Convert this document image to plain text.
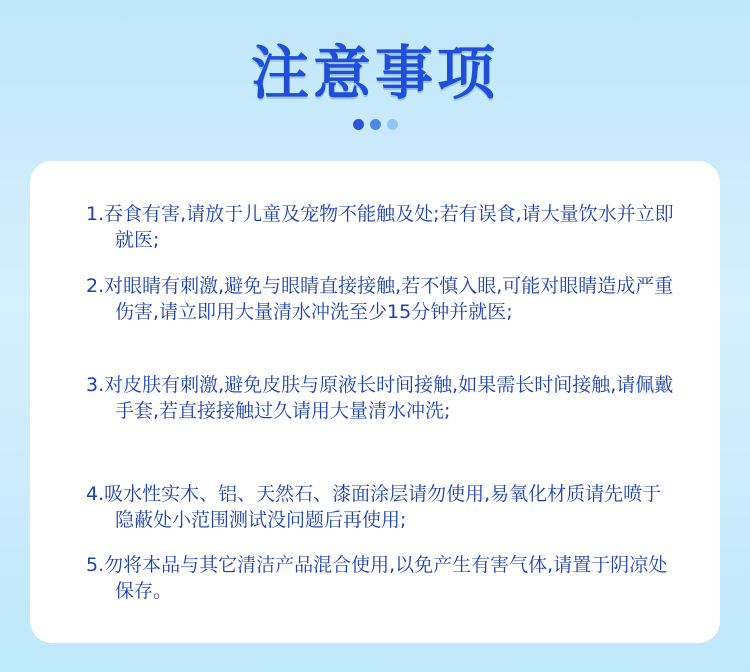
注意事项
1.吞食有害,请放于儿童及宠物不能触及处;若有误食,请大量饮水并立即就医;
2.对眼睛有刺激,避免与眼睛直接接触,若不慎入眼,可能对眼睛造成严重伤害,请立即用大量清水冲洗至少15分钟并就医;
3.对皮肤有刺激,避免皮肤与原液长时间接触,如果需长时间接触,请佩戴手套,若直接接触过久请用大量清水冲洗;
4.吸水性实木、铝、天然石、漆面涂层请勿使用,易氧化材质请先喷于隐蔽处小范围测试没问题后再使用;
5.勿将本品与其它清洁产品混合使用,以免产生有害气体,请置于阴凉处保存。
